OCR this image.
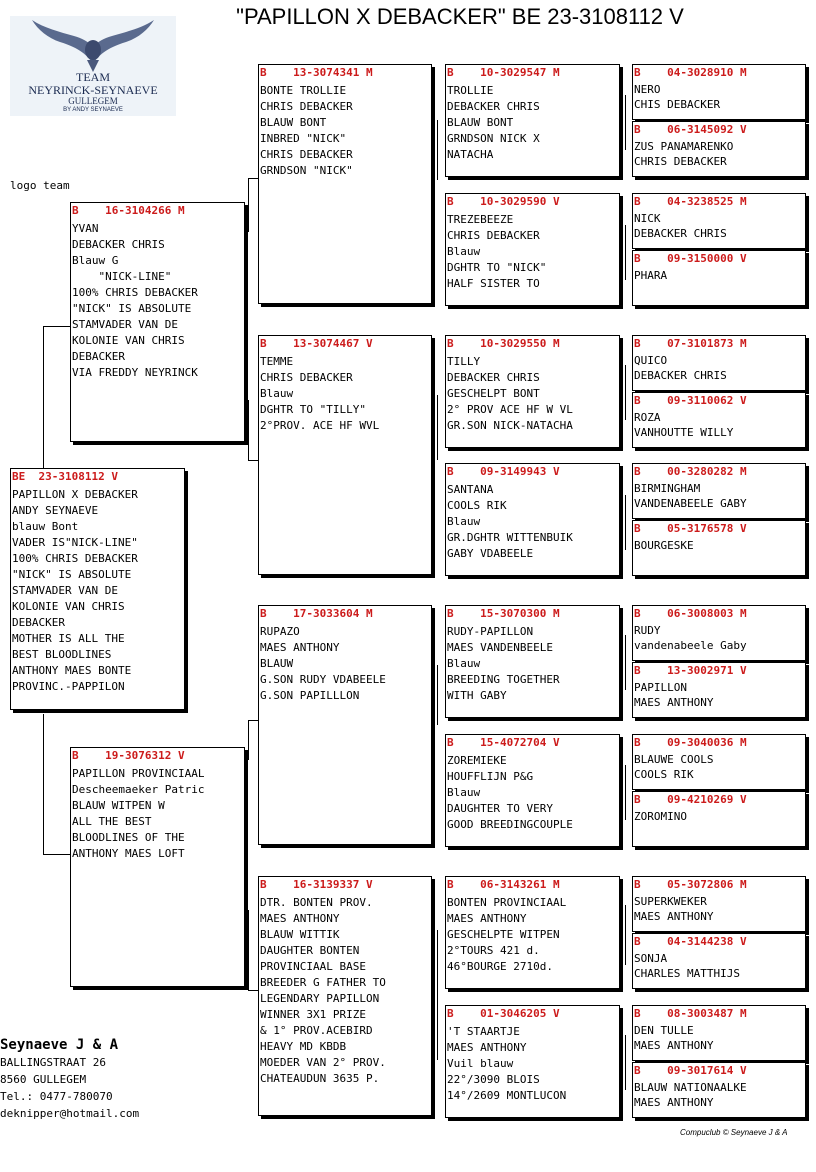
"PAPILLON X DEBACKER" BE 23-3108112 V
TEAM
NEYRINCK-SEYNAEVE
GULLEGEM
BY ANDY SEYNAEVE
logo team
BE  23-3108112 V
PAPILLON X DEBACKER
ANDY SEYNAEVE
blauw Bont
VADER IS"NICK-LINE"
100% CHRIS DEBACKER
"NICK" IS ABSOLUTE
STAMVADER VAN DE
KOLONIE VAN CHRIS
DEBACKER
MOTHER IS ALL THE
BEST BLOODLINES
ANTHONY MAES BONTE
PROVINC.-PAPPILON
B    16-3104266 M
YVAN
DEBACKER CHRIS
Blauw G
"NICK-LINE"
100% CHRIS DEBACKER
"NICK" IS ABSOLUTE
STAMVADER VAN DE
KOLONIE VAN CHRIS
DEBACKER
VIA FREDDY NEYRINCK
B    19-3076312 V
PAPILLON PROVINCIAAL
Descheemaeker Patric
BLAUW WITPEN W
ALL THE BEST
BLOODLINES OF THE
ANTHONY MAES LOFT
B    13-3074341 M
BONTE TROLLIE
CHRIS DEBACKER
BLAUW BONT
INBRED "NICK"
CHRIS DEBACKER
GRNDSON "NICK"
B    13-3074467 V
TEMME
CHRIS DEBACKER
Blauw
DGHTR TO "TILLY"
2°PROV. ACE HF WVL
B    17-3033604 M
RUPAZO
MAES ANTHONY
BLAUW
G.SON RUDY VDABEELE
G.SON PAPILLLON
B    16-3139337 V
DTR. BONTEN PROV.
MAES ANTHONY
BLAUW WITTIK
DAUGHTER BONTEN
PROVINCIAAL BASE
BREEDER G FATHER TO
LEGENDARY PAPILLON
WINNER 3X1 PRIZE
& 1° PROV.ACEBIRD
HEAVY MD KBDB
MOEDER VAN 2° PROV.
CHATEAUDUN 3635 P.
B    10-3029547 M
TROLLIE
DEBACKER CHRIS
BLAUW BONT
GRNDSON NICK X
NATACHA
B    10-3029590 V
TREZEBEEZE
CHRIS DEBACKER
Blauw
DGHTR TO "NICK"
HALF SISTER TO
B    10-3029550 M
TILLY
DEBACKER CHRIS
GESCHELPT BONT
2° PROV ACE HF W VL
GR.SON NICK-NATACHA
B    09-3149943 V
SANTANA
COOLS RIK
Blauw
GR.DGHTR WITTENBUIK
GABY VDABEELE
B    15-3070300 M
RUDY-PAPILLON
MAES VANDENBEELE
Blauw
BREEDING TOGETHER
WITH GABY
B    15-4072704 V
ZOREMIEKE
HOUFFLIJN P&G
Blauw
DAUGHTER TO VERY
GOOD BREEDINGCOUPLE
B    06-3143261 M
BONTEN PROVINCIAAL
MAES ANTHONY
GESCHELPTE WITPEN
2°TOURS 421 d.
46°BOURGE 2710d.
B    01-3046205 V
'T STAARTJE
MAES ANTHONY
Vuil blauw
22°/3090 BLOIS
14°/2609 MONTLUCON
B    04-3028910 M
NERO
CHIS DEBACKER
B    06-3145092 V
ZUS PANAMARENKO
CHRIS DEBACKER
B    04-3238525 M
NICK
DEBACKER CHRIS
B    09-3150000 V
PHARA
B    07-3101873 M
QUICO
DEBACKER CHRIS
B    09-3110062 V
ROZA
VANHOUTTE WILLY
B    00-3280282 M
BIRMINGHAM
VANDENABEELE GABY
B    05-3176578 V
BOURGESKE
B    06-3008003 M
RUDY
vandenabeele Gaby
B    13-3002971 V
PAPILLON
MAES ANTHONY
B    09-3040036 M
BLAUWE COOLS
COOLS RIK
B    09-4210269 V
ZOROMINO
B    05-3072806 M
SUPERKWEKER
MAES ANTHONY
B    04-3144238 V
SONJA
CHARLES MATTHIJS
B    08-3003487 M
DEN TULLE
MAES ANTHONY
B    09-3017614 V
BLAUW NATIONAALKE
MAES ANTHONY
Seynaeve J & A
BALLINGSTRAAT 26
8560 GULLEGEM
Tel.: 0477-780070
deknipper@hotmail.com
Compuclub © Seynaeve J & A
